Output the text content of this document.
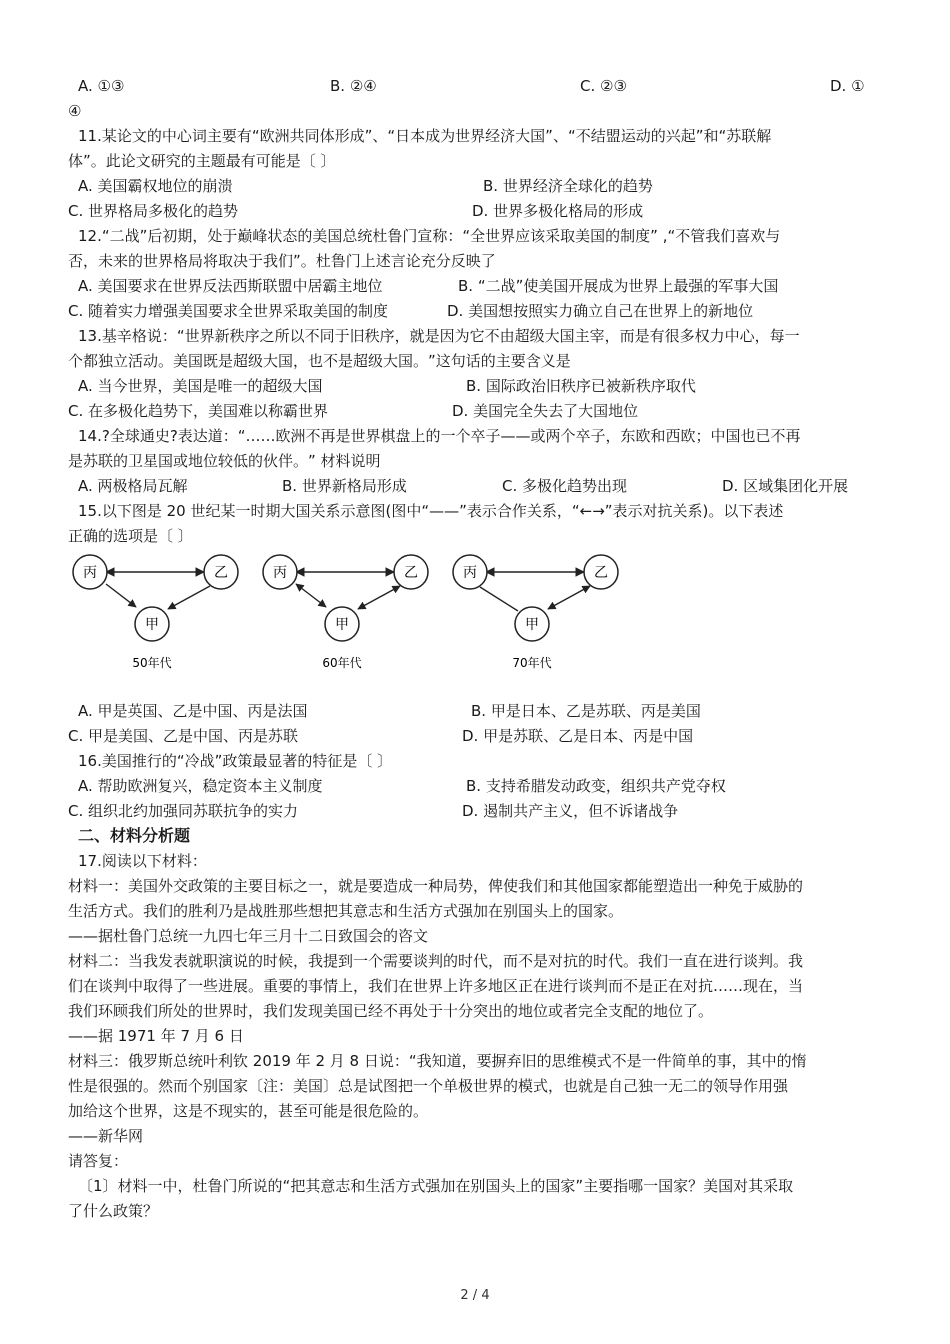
A. ①③	B. ②④	C. ②③	D. ①
④
11.某论文的中心词主要有“欧洲共同体形成ˮ、“日本成为世界经济大国ˮ、“不结盟运动的兴起ˮ和“苏联解
体ˮ。此论文研究的主题最有可能是〔 〕
A. 美国霸权地位的崩溃	B. 世界经济全球化的趋势
C. 世界格局多极化的趋势	D. 世界多极化格局的形成
12.“二战ˮ后初期，处于巅峰状态的美国总统杜鲁门宣称：“全世界应该采取美国的制度ˮ ,“不管我们喜欢与
否，未来的世界格局将取决于我们ˮ。杜鲁门上述言论充分反映了
A. 美国要求在世界反法西斯联盟中居霸主地位	B. “二战ˮ使美国开展成为世界上最强的军事大国
C. 随着实力增强美国要求全世界采取美国的制度	D. 美国想按照实力确立自己在世界上的新地位
13.基辛格说：“世界新秩序之所以不同于旧秩序，就是因为它不由超级大国主宰，而是有很多权力中心，每一
个都独立活动。美国既是超级大国，也不是超级大国。ˮ这句话的主要含义是
A. 当今世界，美国是唯一的超级大国	B. 国际政治旧秩序已被新秩序取代
C. 在多极化趋势下，美国难以称霸世界	D. 美国完全失去了大国地位
14.?全球通史?表达道：“……欧洲不再是世界棋盘上的一个卒子——或两个卒子，东欧和西欧；中国也已不再
是苏联的卫星国或地位较低的伙伴。ˮ 材料说明
A. 两极格局瓦解	B. 世界新格局形成	C. 多极化趋势出现	D. 区域集团化开展
15.以下图是 20 世纪某一时期大国关系示意图(图中“——ˮ表示合作关系，“←→ˮ表示对抗关系)。以下表述
正确的选项是〔 〕
丙	乙
甲
50年代
丙	乙
甲
60年代
丙	乙
甲
70年代
A. 甲是英国、乙是中国、丙是法国	B. 甲是日本、乙是苏联、丙是美国
C. 甲是美国、乙是中国、丙是苏联	D. 甲是苏联、乙是日本、丙是中国
16.美国推行的“冷战ˮ政策最显著的特征是〔 〕
A. 帮助欧洲复兴，稳定资本主义制度	B. 支持希腊发动政变，组织共产党夺权
C. 组织北约加强同苏联抗争的实力	D. 遏制共产主义，但不诉诸战争
二、材料分析题
17.阅读以下材料：
材料一：美国外交政策的主要目标之一，就是要造成一种局势，俾使我们和其他国家都能塑造出一种免于威胁的
生活方式。我们的胜利乃是战胜那些想把其意志和生活方式强加在别国头上的国家。
——据杜鲁门总统一九四七年三月十二日致国会的咨文
材料二：当我发表就职演说的时候，我提到一个需要谈判的时代，而不是对抗的时代。我们一直在进行谈判。我
们在谈判中取得了一些进展。重要的事情上，我们在世界上许多地区正在进行谈判而不是正在对抗……现在，当
我们环顾我们所处的世界时，我们发现美国已经不再处于十分突出的地位或者完全支配的地位了。
——据 1971 年 7 月 6 日
材料三：俄罗斯总统叶利钦 2019 年 2 月 8 日说：“我知道，要摒弃旧的思维模式不是一件简单的事，其中的惰
性是很强的。然而个别国家〔注：美国〕总是试图把一个单极世界的模式，也就是自己独一无二的领导作用强
加给这个世界，这是不现实的，甚至可能是很危险的。
——新华网
请答复：
〔1〕材料一中，杜鲁门所说的“把其意志和生活方式强加在别国头上的国家ˮ主要指哪一国家？美国对其采取
了什么政策？
2 / 4
